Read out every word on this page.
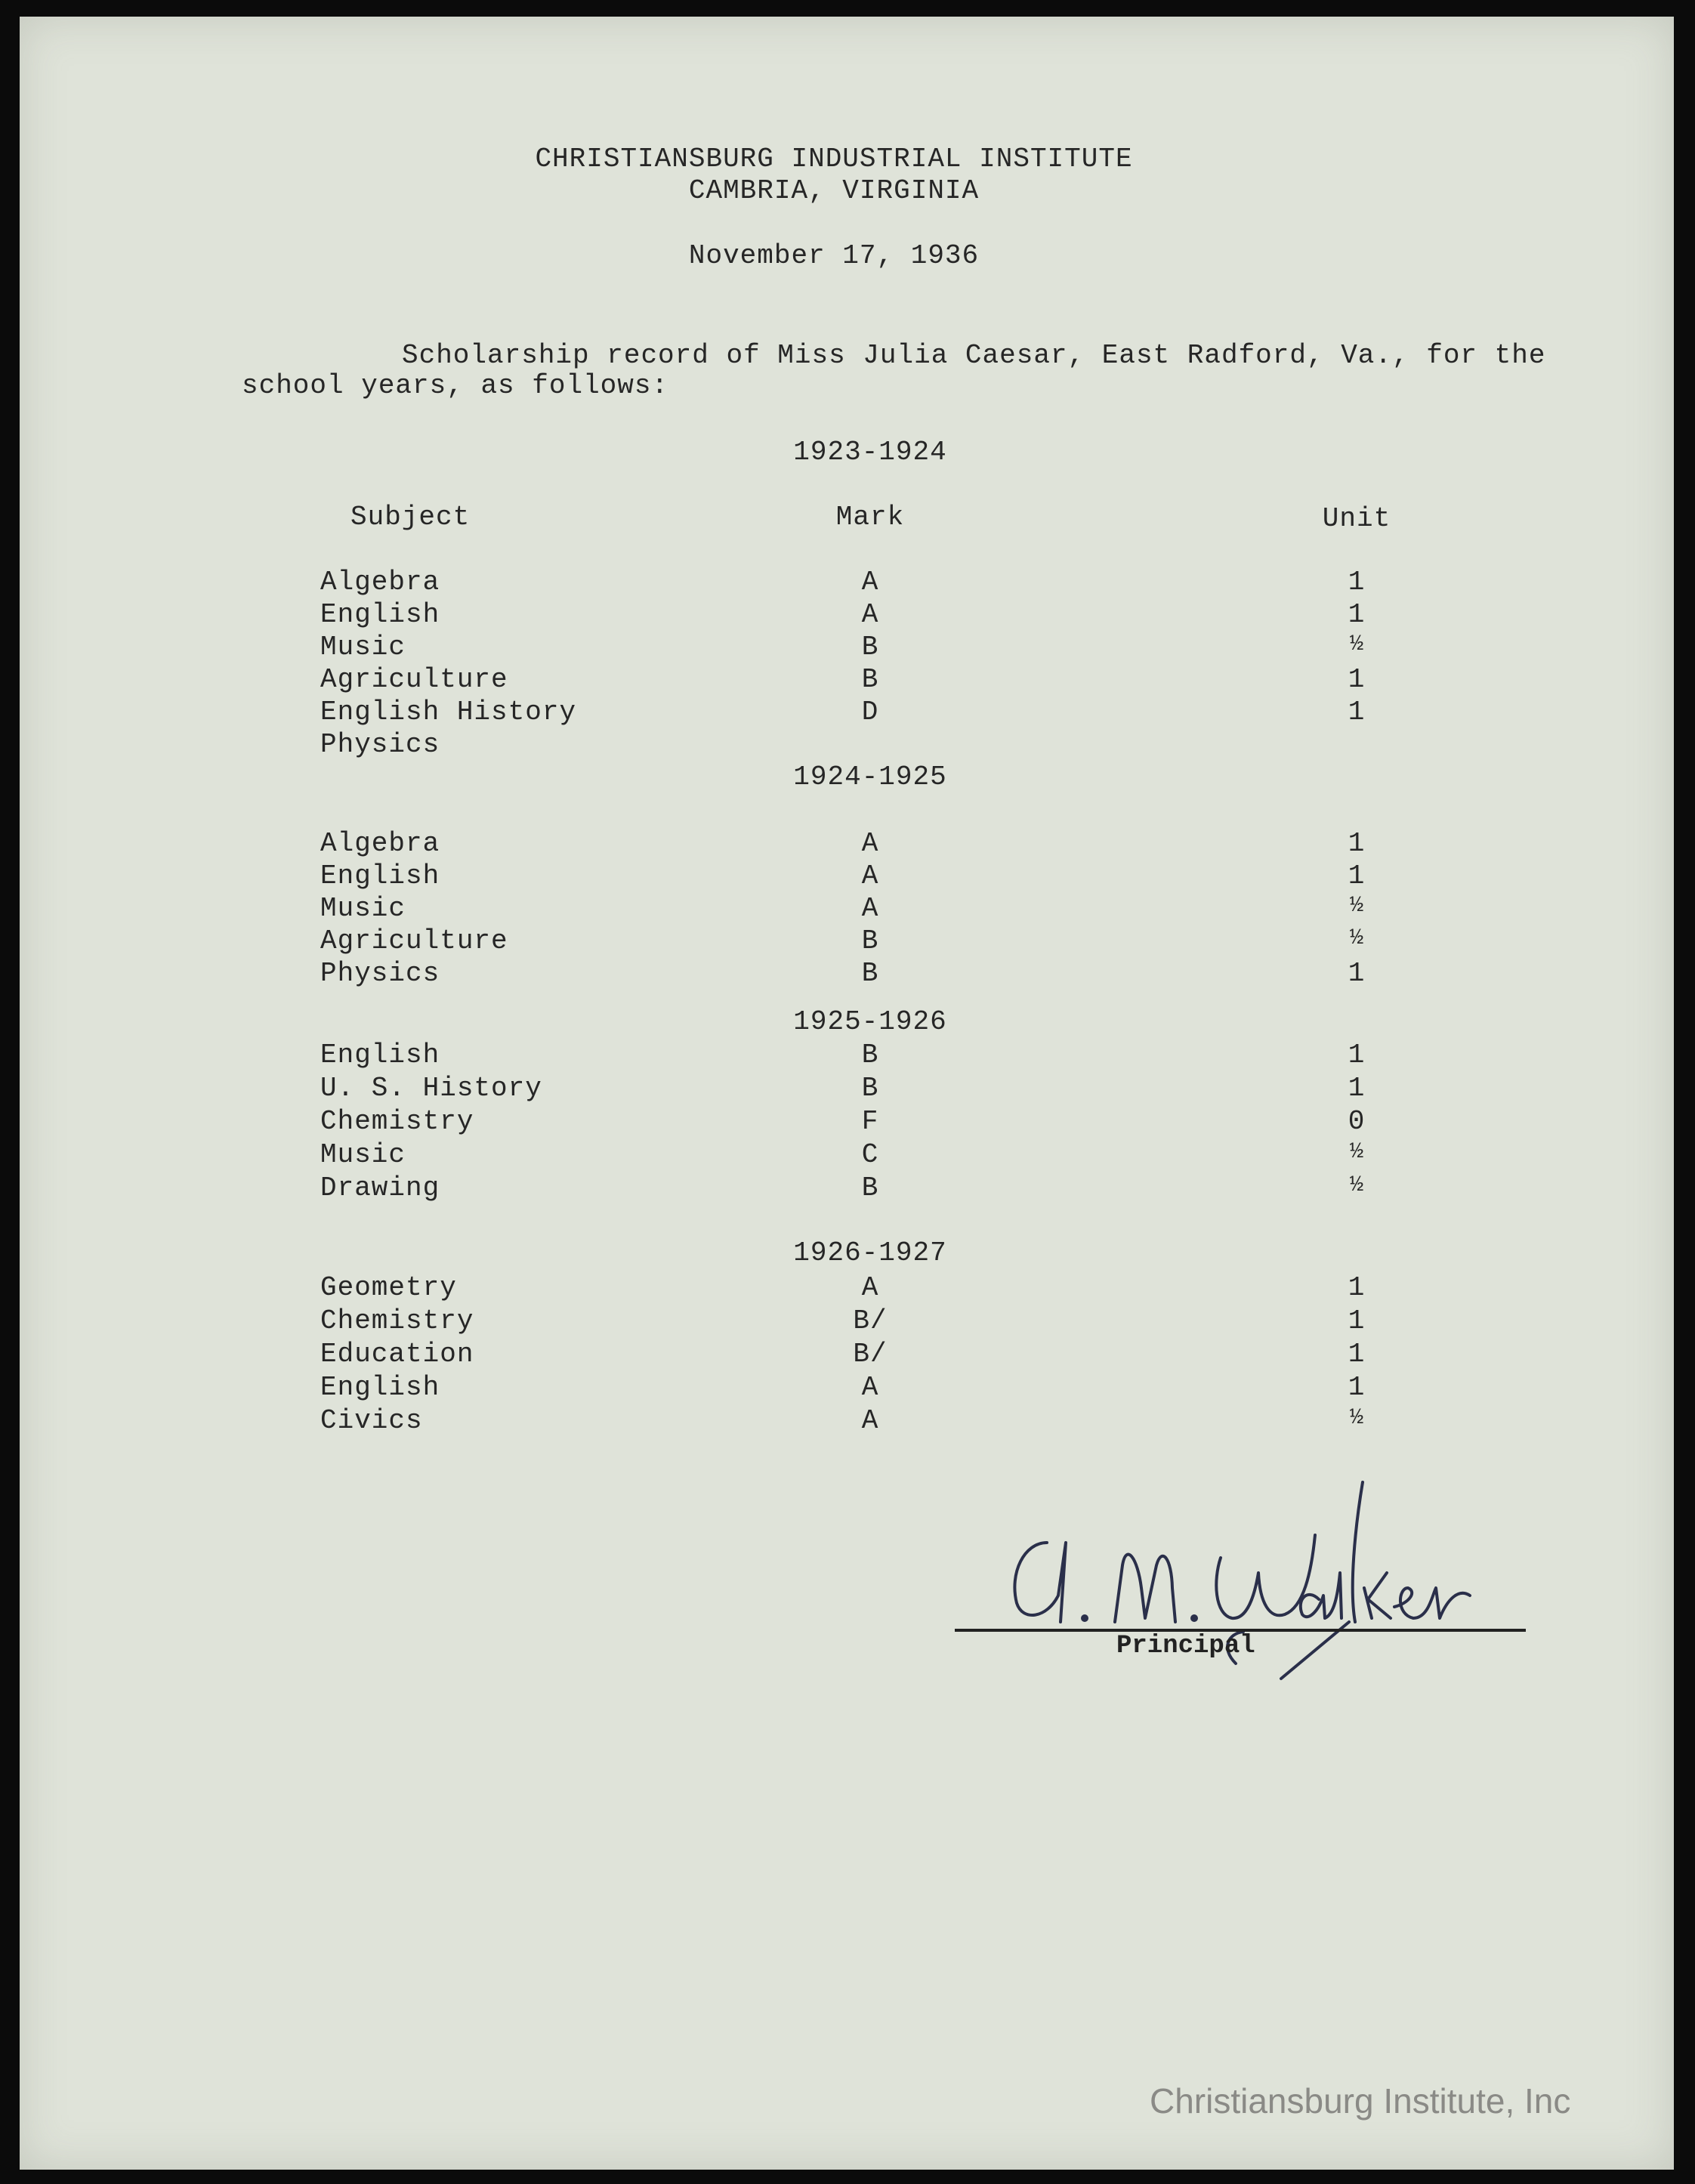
CHRISTIANSBURG INDUSTRIAL INSTITUTE
CAMBRIA, VIRGINIA
November 17, 1936
Scholarship record of Miss Julia Caesar, East Radford, Va., for the
school years, as follows:
1923-1924
Subject	Mark	Unit
Algebra	A	1
English	A	1
Music	B	½
Agriculture	B	1
English History	D	1
Physics
1924-1925
Algebra	A	1
English	A	1
Music	A	½
Agriculture	B	½
Physics	B	1
1925-1926
English	B	1
U. S. History	B	1
Chemistry	F	0
Music	C	½
Drawing	B	½
1926-1927
Geometry	A	1
Chemistry	B/	1
Education	B/	1
English	A	1
Civics	A	½
Principal
Christiansburg Institute, Inc
